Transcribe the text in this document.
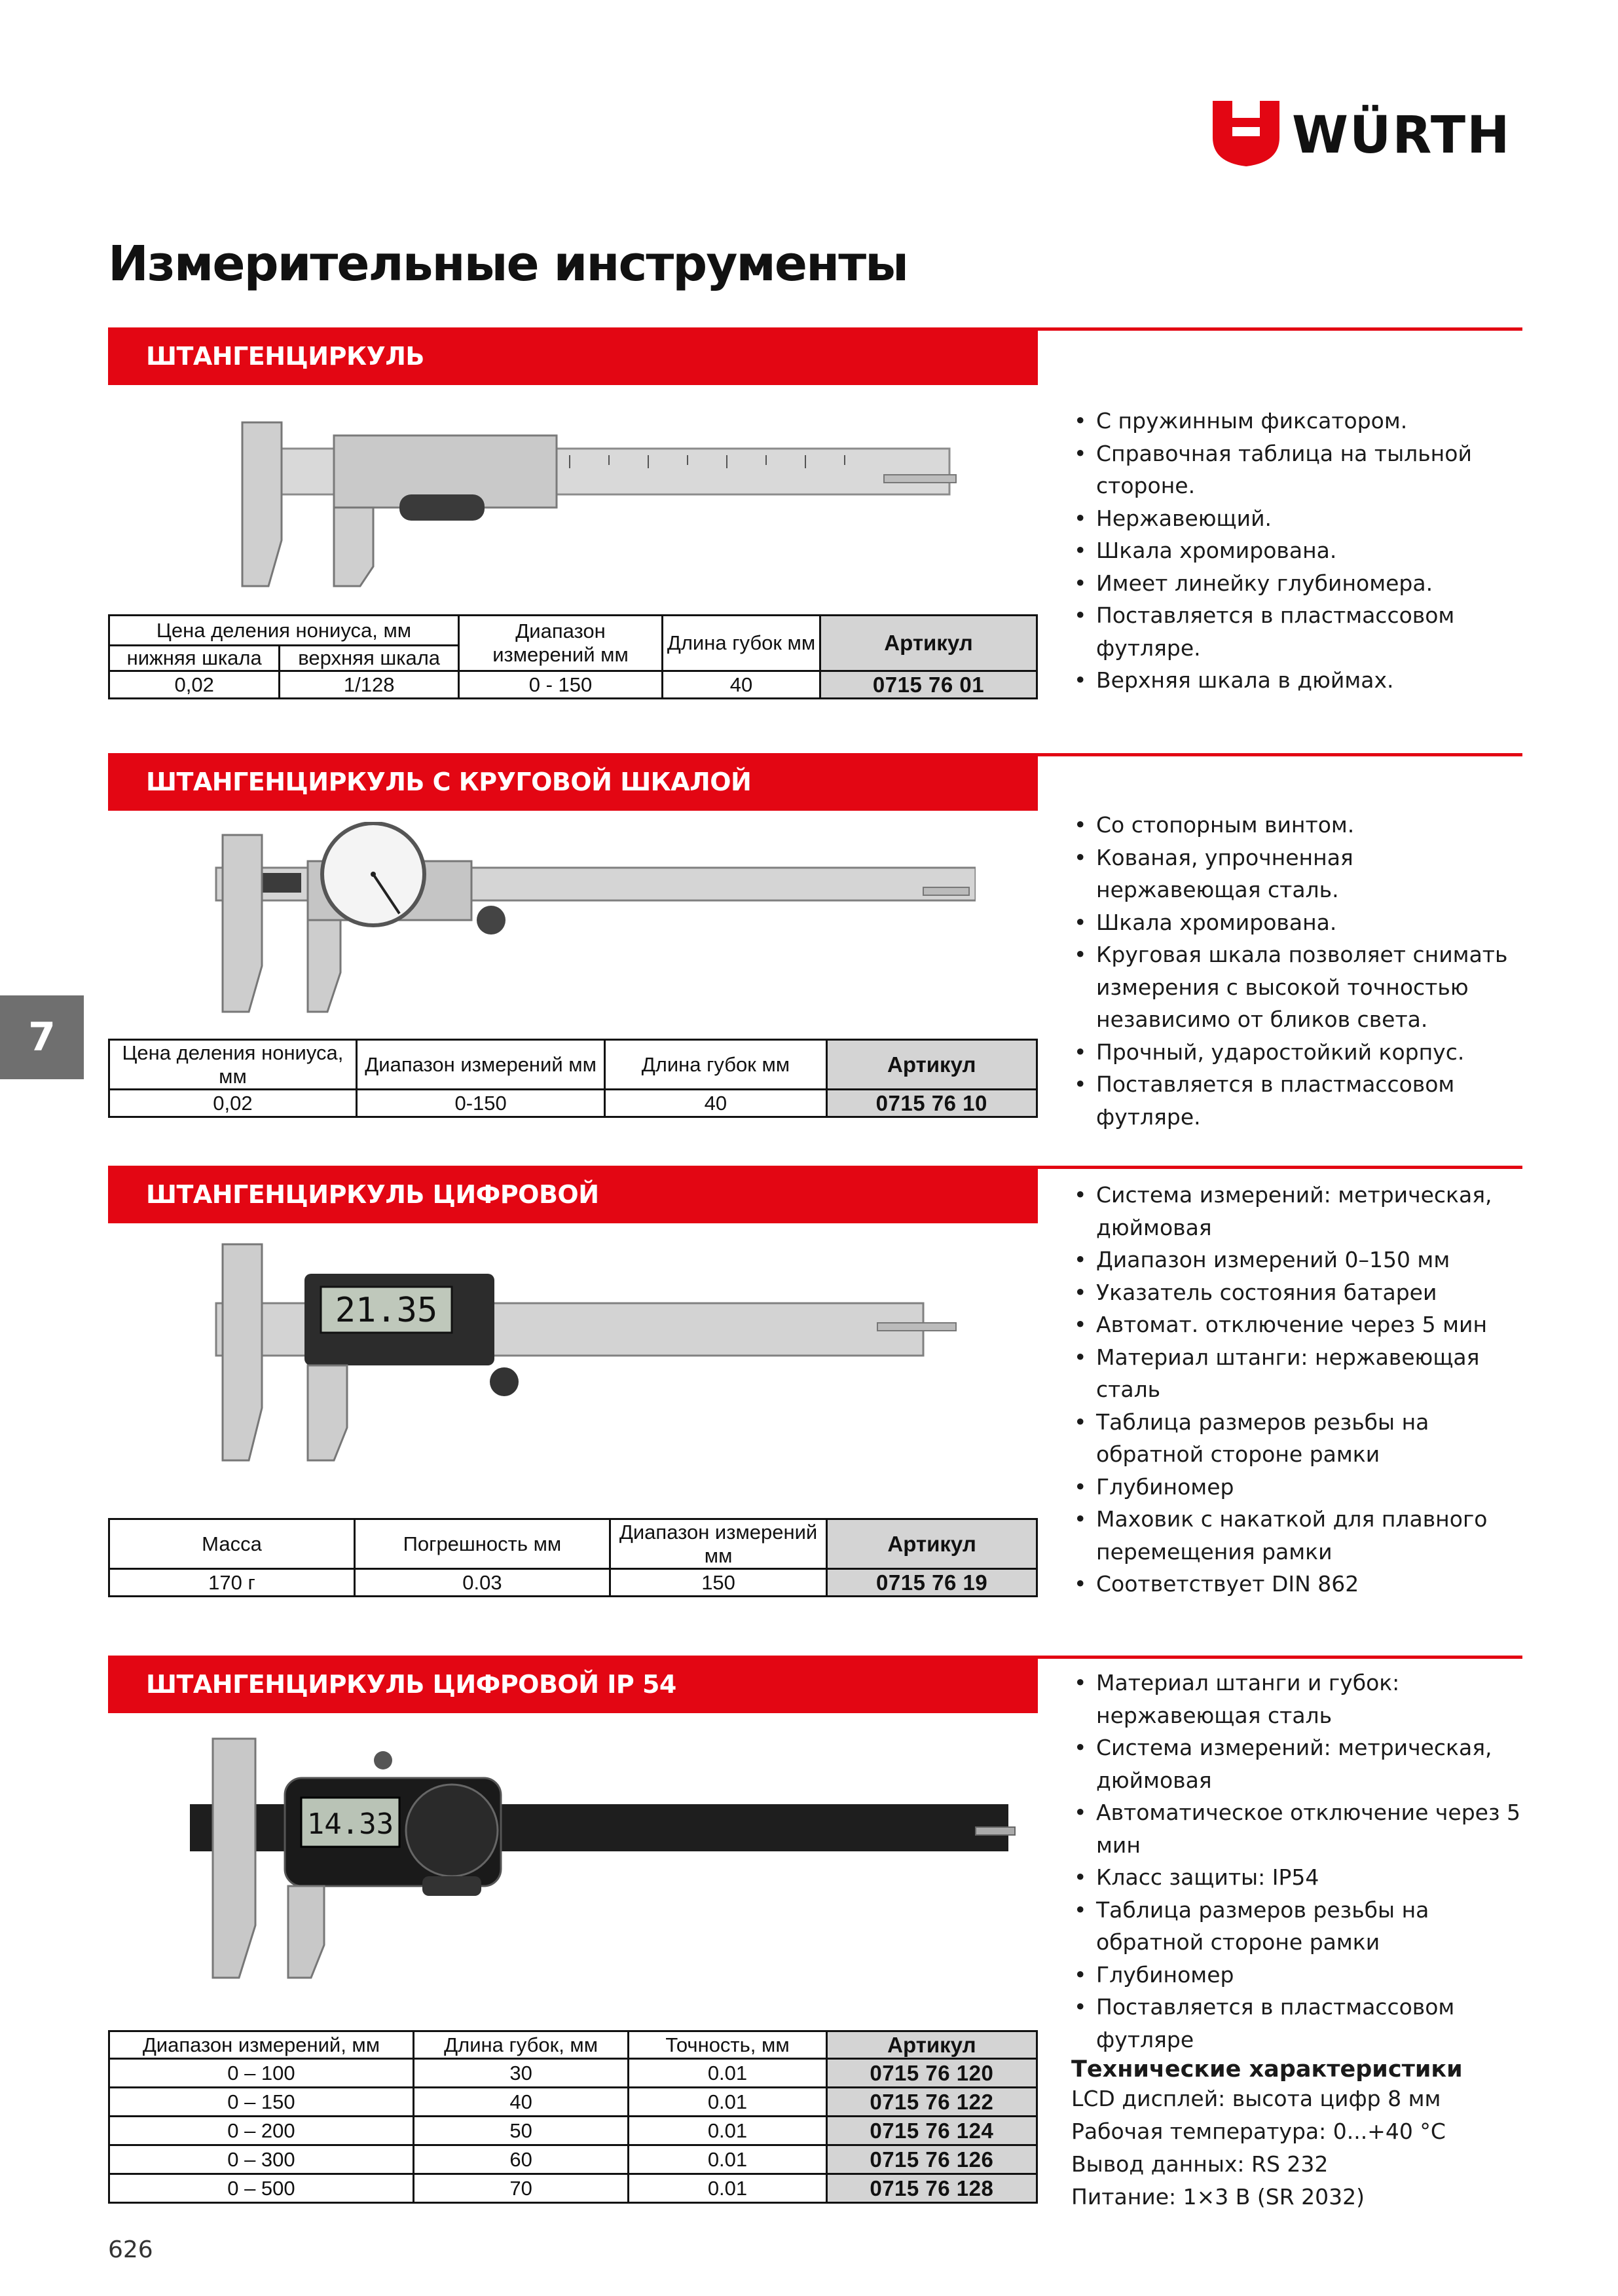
WÜRTH
Измерительные инструменты
7
ШТАНГЕНЦИРКУЛЬ
Цена деления нониуса, мм		Диапазон измерений мм	Длина губок мм	Артикул
нижняя шкала	верхняя шкала			
0,02	1/128	0 - 150	40	0715 76 01
• С пружинным фиксатором.
• Справочная таблица на тыльной стороне.
• Нержавеющий.
• Шкала хромирована.
• Имеет линейку глубиномера.
• Поставляется в пластмассовом футляре.
• Верхняя шкала в дюймах.
ШТАНГЕНЦИРКУЛЬ С КРУГОВОЙ ШКАЛОЙ
Цена деления нониуса, мм	Диапазон измерений мм	Длина губок мм	Артикул
0,02	0-150	40	0715 76 10
• Со стопорным винтом.
• Кованая, упрочненная нержавеющая сталь.
• Шкала хромирована.
• Круговая шкала позволяет снимать измерения с высокой точностью независимо от бликов света.
• Прочный, ударостойкий корпус.
• Поставляется в пластмассовом футляре.
ШТАНГЕНЦИРКУЛЬ ЦИФРОВОЙ
21.35
Масса	Погрешность мм	Диапазон измерений мм	Артикул
170 г	0.03	150	0715 76 19
• Система измерений: метрическая, дюймовая
• Диапазон измерений 0–150 мм
• Указатель состояния батареи
• Автомат. отключение через 5 мин
• Материал штанги: нержавеющая сталь
• Таблица размеров резьбы на обратной стороне рамки
• Глубиномер
• Маховик с накаткой для плавного перемещения рамки
• Соответствует DIN 862
ШТАНГЕНЦИРКУЛЬ ЦИФРОВОЙ IP 54
14.33
Диапазон измерений, мм	Длина губок, мм	Точность, мм	Артикул
0 – 100	30	0.01	0715 76 120
0 – 150	40	0.01	0715 76 122
0 – 200	50	0.01	0715 76 124
0 – 300	60	0.01	0715 76 126
0 – 500	70	0.01	0715 76 128
• Материал штанги и губок: нержавеющая сталь
• Система измерений: метрическая, дюймовая
• Автоматическое отключение через 5 мин
• Класс защиты: IP54
• Таблица размеров резьбы на обратной стороне рамки
• Глубиномер
• Поставляется в пластмассовом футляре
Технические характеристики
LCD дисплей: высота цифр 8 мм
Рабочая температура: 0...+40 °C
Вывод данных: RS 232
Питание: 1×3 В (SR 2032)
626
